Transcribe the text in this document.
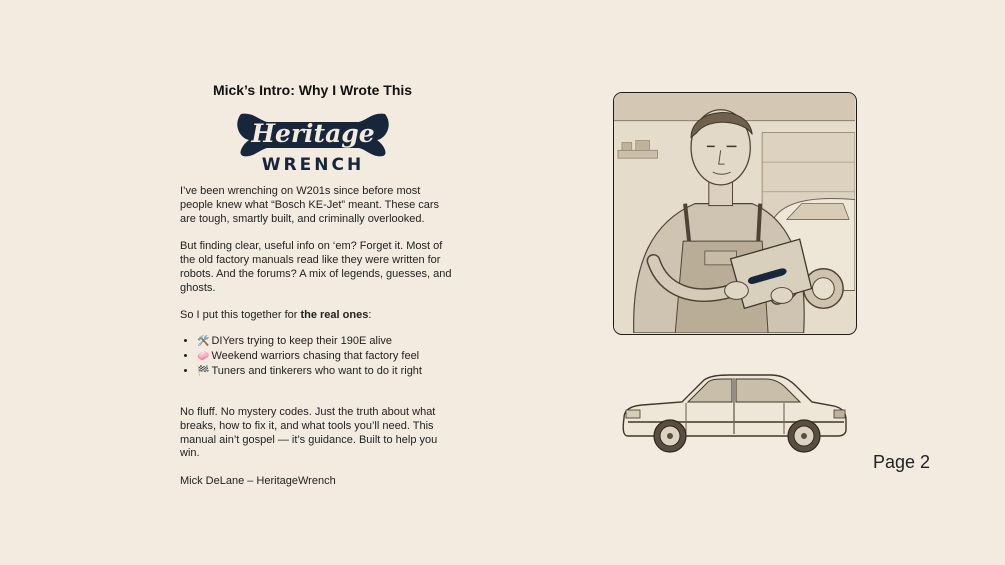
Mick’s Intro: Why I Wrote This
Heritage
WRENCH

I’ve been wrenching on W201s since before most people knew what “Bosch KE-Jet” meant. These cars are tough, smartly built, and criminally overlooked.

But finding clear, useful info on ‘em? Forget it. Most of the old factory manuals read like they were written for robots. And the forums? A mix of legends, guesses, and ghosts.

So I put this together for the real ones:

• 🛠️ DIYers trying to keep their 190E alive
• 🧼 Weekend warriors chasing that factory feel
• 🏁 Tuners and tinkerers who want to do it right

No fluff. No mystery codes. Just the truth about what breaks, how to fix it, and what tools you’ll need. This manual ain’t gospel — it’s guidance. Built to help you win.

Mick DeLane – HeritageWrench

Page 2
